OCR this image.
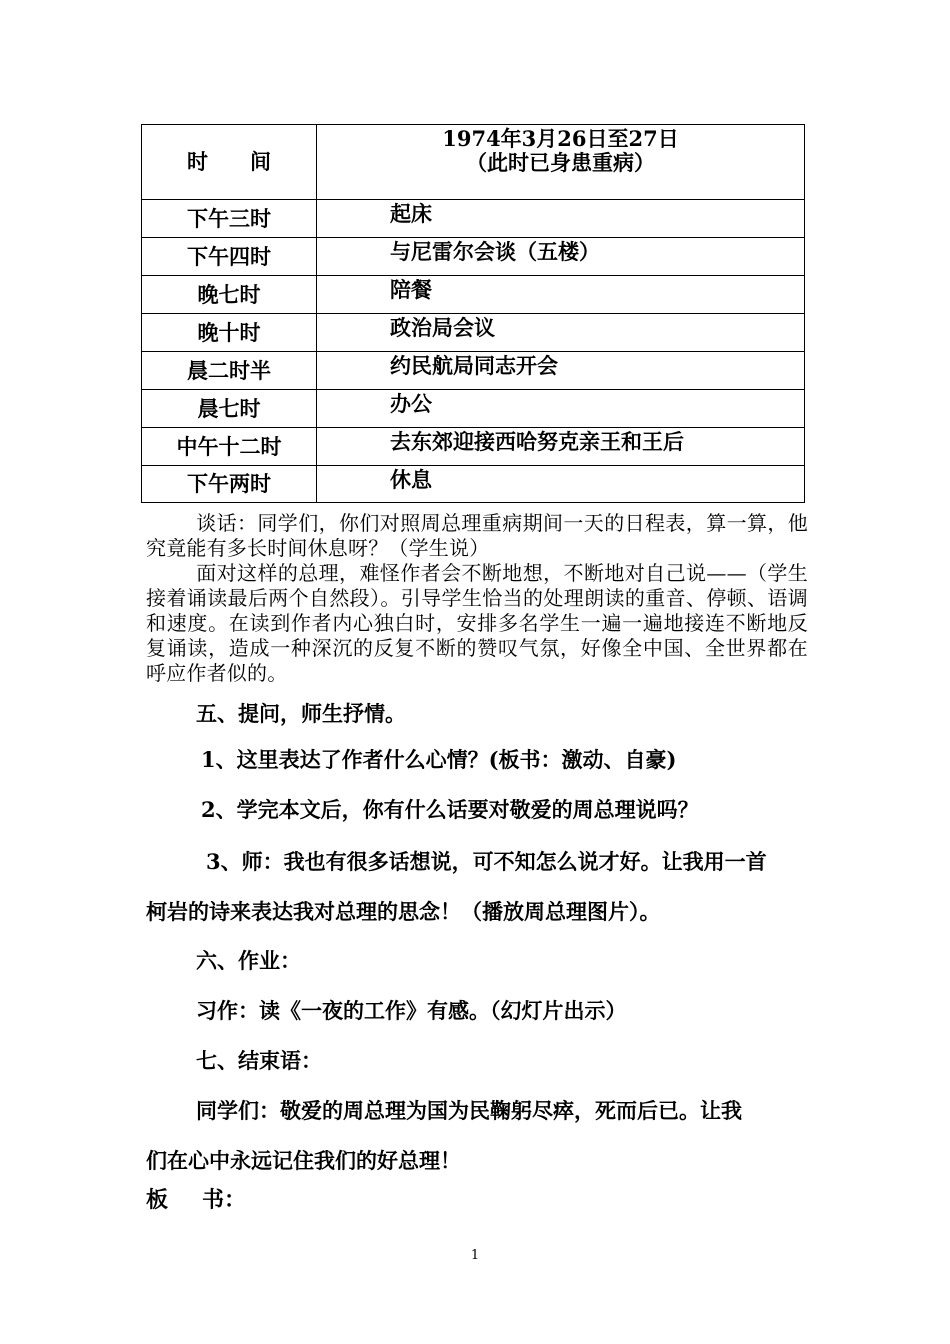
时　　间	1974年3月26日至27日
（此时已身患重病）

下午三时	起床
下午四时	与尼雷尔会谈（五楼）
晚七时	陪餐
晚十时	政治局会议
晨二时半	约民航局同志开会
晨七时	办公
中午十二时	去东郊迎接西哈努克亲王和王后
下午两时	休息
谈话：同学们，你们对照周总理重病期间一天的日程表，算一算，他究竟能有多长时间休息呀？（学生说）
面对这样的总理，难怪作者会不断地想，不断地对自己说——（学生接着诵读最后两个自然段）。引导学生恰当的处理朗读的重音、停顿、语调和速度。在读到作者内心独白时，安排多名学生一遍一遍地接连不断地反复诵读，造成一种深沉的反复不断的赞叹气氛，好像全中国、全世界都在呼应作者似的。
五、提问，师生抒情。
1、这里表达了作者什么心情？(板书：激动、自豪)
2、学完本文后，你有什么话要对敬爱的周总理说吗？
3、师：我也有很多话想说，可不知怎么说才好。让我用一首
柯岩的诗来表达我对总理的思念！（播放周总理图片）。
六、作业：
习作：读《一夜的工作》有感。（幻灯片出示）
七、结束语：
同学们：敬爱的周总理为国为民鞠躬尽瘁，死而后已。让我
们在心中永远记住我们的好总理！
板 书：
1
